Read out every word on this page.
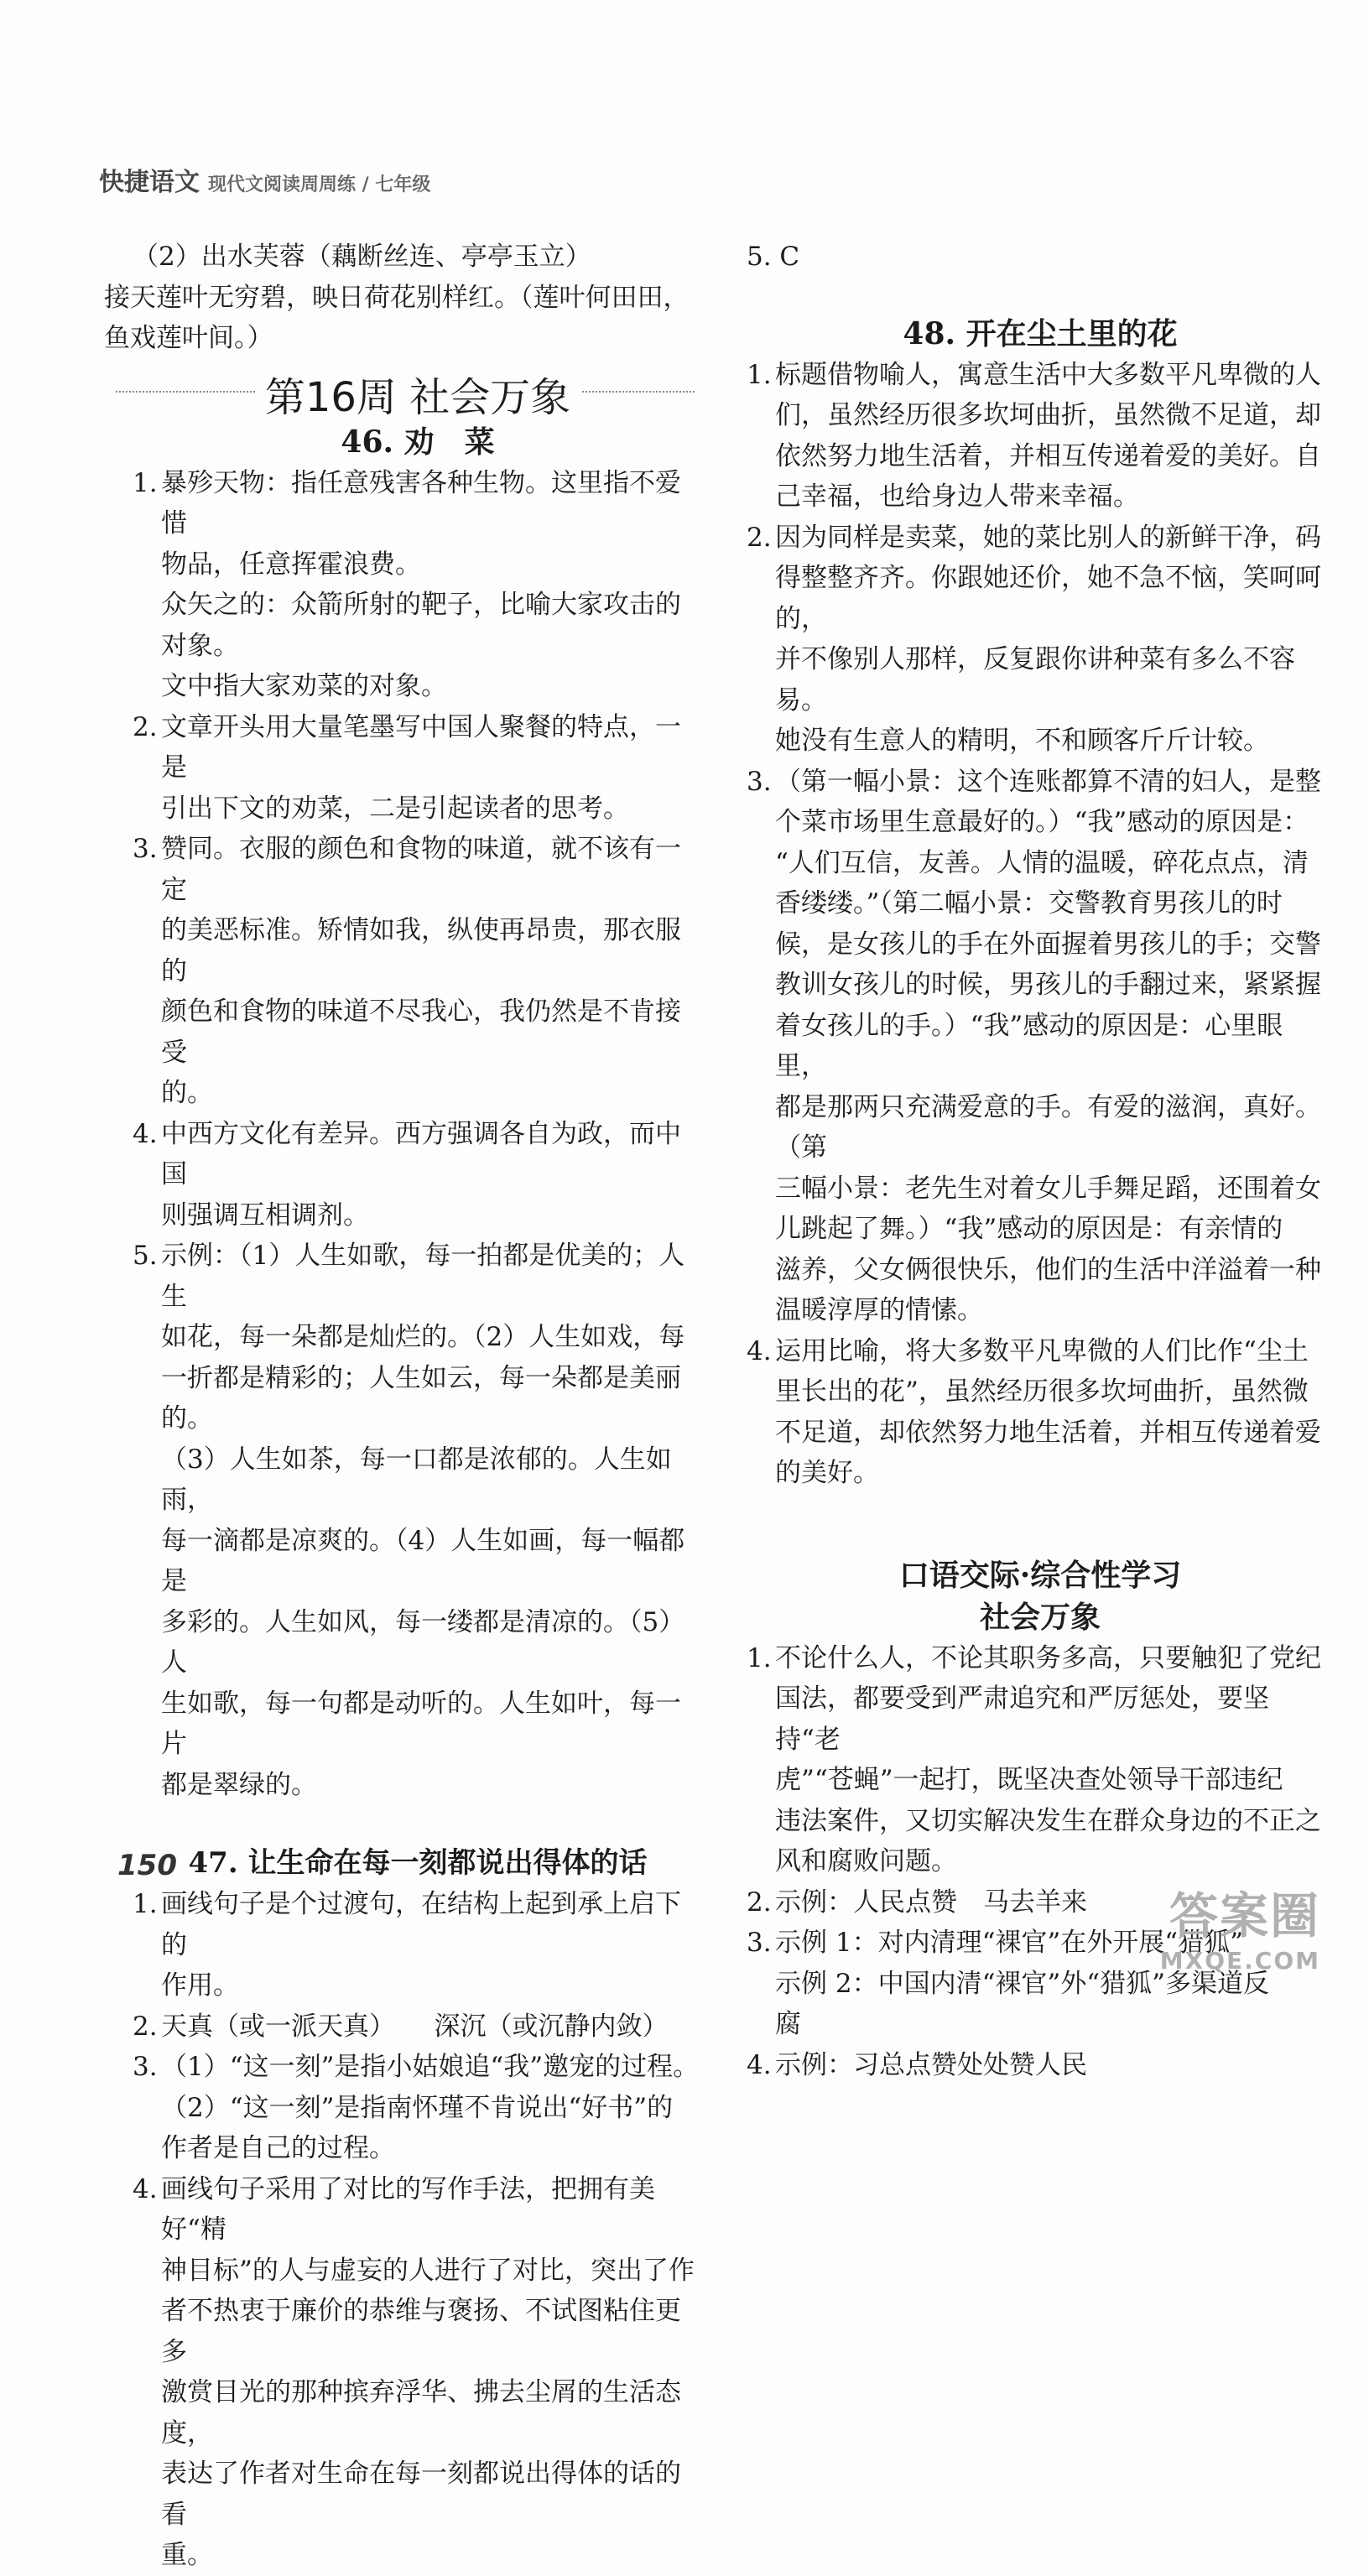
快捷语文 现代文阅读周周练 / 七年级

（2）出水芙蓉（藕断丝连、亭亭玉立）

接天莲叶无穷碧，映日荷花别样红。（莲叶何田田，

鱼戏莲叶间。）

第16周 社会万象
46. 劝　菜
1. 暴殄天物：指任意残害各种生物。这里指不爱惜

物品，任意挥霍浪费。

众矢之的：众箭所射的靶子，比喻大家攻击的对象。

文中指大家劝菜的对象。

2. 文章开头用大量笔墨写中国人聚餐的特点，一是

引出下文的劝菜，二是引起读者的思考。

3. 赞同。衣服的颜色和食物的味道，就不该有一定

的美恶标准。矫情如我，纵使再昂贵，那衣服的

颜色和食物的味道不尽我心，我仍然是不肯接受

的。

4. 中西方文化有差异。西方强调各自为政，而中国

则强调互相调剂。

5. 示例：（1）人生如歌，每一拍都是优美的；人生

如花，每一朵都是灿烂的。（2）人生如戏，每

一折都是精彩的；人生如云，每一朵都是美丽的。

（3）人生如茶，每一口都是浓郁的。人生如雨，

每一滴都是凉爽的。（4）人生如画，每一幅都是

多彩的。人生如风，每一缕都是清凉的。（5）人

生如歌，每一句都是动听的。人生如叶，每一片

都是翠绿的。

47. 让生命在每一刻都说出得体的话
1. 画线句子是个过渡句，在结构上起到承上启下的

作用。

2. 天真（或一派天真）　　深沉（或沉静内敛）

3. （1）“这一刻”是指小姑娘追“我”邀宠的过程。

（2）“这一刻”是指南怀瑾不肯说出“好书”的

作者是自己的过程。

4. 画线句子采用了对比的写作手法，把拥有美好“精

神目标”的人与虚妄的人进行了对比，突出了作

者不热衷于廉价的恭维与褒扬、不试图粘住更多

激赏目光的那种摈弃浮华、拂去尘屑的生活态度，

表达了作者对生命在每一刻都说出得体的话的看

重。

5. C
48. 开在尘土里的花
1. 标题借物喻人，寓意生活中大多数平凡卑微的人

们，虽然经历很多坎坷曲折，虽然微不足道，却

依然努力地生活着，并相互传递着爱的美好。自

己幸福，也给身边人带来幸福。

2. 因为同样是卖菜，她的菜比别人的新鲜干净，码

得整整齐齐。你跟她还价，她不急不恼，笑呵呵的，

并不像别人那样，反复跟你讲种菜有多么不容易。

她没有生意人的精明，不和顾客斤斤计较。

3. （第一幅小景：这个连账都算不清的妇人，是整

个菜市场里生意最好的。）“我”感动的原因是：

“人们互信，友善。人情的温暖，碎花点点，清

香缕缕。”（第二幅小景：交警教育男孩儿的时

候，是女孩儿的手在外面握着男孩儿的手；交警

教训女孩儿的时候，男孩儿的手翻过来，紧紧握

着女孩儿的手。）“我”感动的原因是：心里眼里，

都是那两只充满爱意的手。有爱的滋润，真好。（第

三幅小景：老先生对着女儿手舞足蹈，还围着女

儿跳起了舞。）“我”感动的原因是：有亲情的

滋养，父女俩很快乐，他们的生活中洋溢着一种

温暖淳厚的情愫。

4. 运用比喻，将大多数平凡卑微的人们比作“尘土

里长出的花”，虽然经历很多坎坷曲折，虽然微

不足道，却依然努力地生活着，并相互传递着爱

的美好。

口语交际·综合性学习
社会万象
1. 不论什么人，不论其职务多高，只要触犯了党纪

国法，都要受到严肃追究和严厉惩处，要坚持“老

虎”“苍蝇”一起打，既坚决查处领导干部违纪

违法案件，又切实解决发生在群众身边的不正之

风和腐败问题。

2. 示例：人民点赞　马去羊来

3. 示例 1：对内清理“裸官”在外开展“猎狐”

示例 2：中国内清“裸官”外“猎狐”多渠道反

腐

4. 示例：习总点赞处处赞人民

150
答案圈
MXQE.COM
